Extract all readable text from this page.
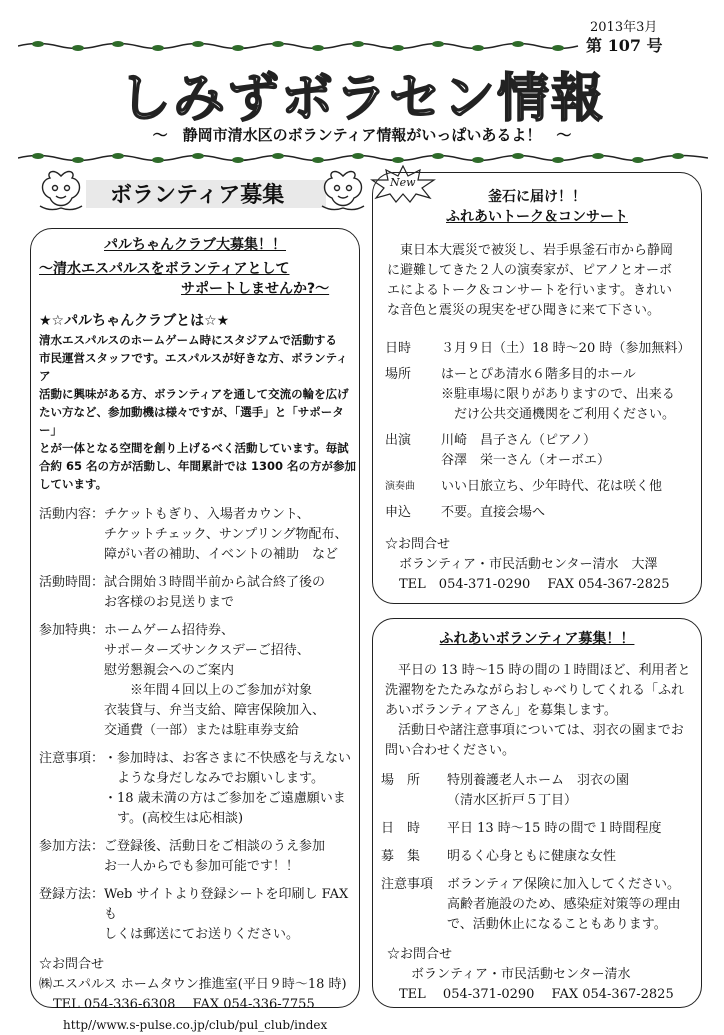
2013年3月
第 107 号
しみずボラセン情報
〜　静岡市清水区のボランティア情報がいっぱいあるよ！　〜
ボランティア募集
New
パルちゃんクラブ大募集！！
〜清水エスパルスをボランティアとして
サポートしませんか?〜
★☆パルちゃんクラブとは☆★
清水エスパルスのホームゲーム時にスタジアムで活動する
市民運営スタッフです。エスパルスが好きな方、ボランティア
活動に興味がある方、ボランティアを通して交流の輪を広げ
たい方など、参加動機は様々ですが、「選手」と「サポーター」
とが一体となる空間を創り上げるべく活動しています。毎試
合約 65 名の方が活動し、年間累計では 1300 名の方が参加
しています。
活動内容： チケットもぎり、入場者カウント、
チケットチェック、サンプリング物配布、
障がい者の補助、イベントの補助　など
活動時間： 試合開始３時間半前から試合終了後の
お客様のお見送りまで
参加特典： ホームゲーム招待券、
サポーターズサンクスデーご招待、
慰労懇親会へのご案内
　　※年間４回以上のご参加が対象
衣装貸与、弁当支給、障害保険加入、
交通費（一部）または駐車券支給
注意事項： ・参加時は、お客さまに不快感を与えない
　ような身だしなみでお願いします。
・18 歳未満の方はご参加をご遠慮願いま
　す。(高校生は応相談)
参加方法： ご登録後、活動日をご相談のうえ参加
お一人からでも参加可能です！！
登録方法： Web サイトより登録シートを印刷し FAX も
しくは郵送にてお送りください。
☆お問合せ
㈱エスパルス ホームタウン推進室(平日９時〜18 時)
TEL 054-336-6308　 FAX 054-336-7755
http//www.s-pulse.co.jp/club/pul_club/index
釜石に届け！！
ふれあいトーク＆コンサート
東日本大震災で被災し、岩手県釜石市から静岡
に避難してきた２人の演奏家が、ピアノとオーボ
エによるトーク＆コンサートを行います。きれい
な音色と震災の現実をぜひ聞きに来て下さい。
日時	３月９日（土）18 時〜20 時（参加無料）
場所	はーとぴあ清水６階多目的ホール
※駐車場に限りがありますので、出来る
　だけ公共交通機関をご利用ください。
出演	川崎　昌子さん（ピアノ）
谷澤　栄一さん（オーボエ）
演奏曲	いい日旅立ち、少年時代、花は咲く他
申込	不要。直接会場へ
☆お問合せ
ボランティア・市民活動センター清水　大澤
TEL　054-371-0290　 FAX 054-367-2825
ふれあいボランティア募集！！
平日の 13 時〜15 時の間の１時間ほど、利用者と
洗濯物をたたみながらおしゃべりしてくれる「ふれ
あいボランティアさん」を募集します。
活動日や諸注意事項については、羽衣の園までお
問い合わせください。
場　所	特別養護老人ホーム　羽衣の園
（清水区折戸５丁目）
日　時	平日 13 時〜15 時の間で１時間程度
募　集	明るく心身ともに健康な女性
注意事項	ボランティア保険に加入してください。
高齢者施設のため、感染症対策等の理由
で、活動休止になることもあります。
☆お問合せ
ボランティア・市民活動センター清水
TEL　 054-371-0290　 FAX 054-367-2825
